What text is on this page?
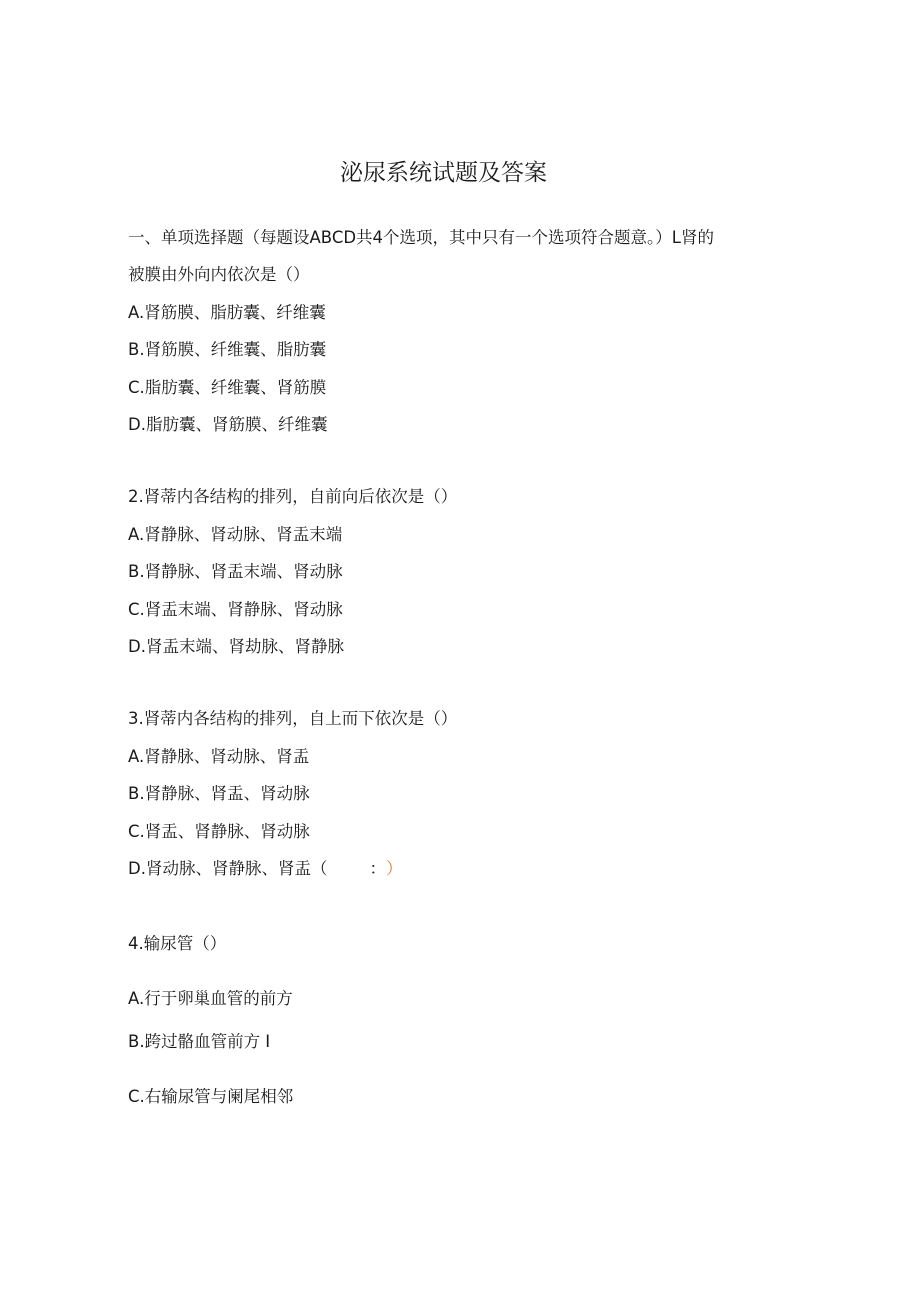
泌尿系统试题及答案
一、单项选择题（每题设ABCD共4个选项，其中只有一个选项符合题意。）L肾的
被膜由外向内依次是（）
A.肾筋膜、脂肪囊、纤维囊
B.肾筋膜、纤维囊、脂肪囊
C.脂肪囊、纤维囊、肾筋膜
D.脂肪囊、肾筋膜、纤维囊
2.肾蒂内各结构的排列，自前向后依次是（）
A.肾静脉、肾动脉、肾盂末端
B.肾静脉、肾盂末端、肾动脉
C.肾盂末端、肾静脉、肾动脉
D.肾盂末端、肾劫脉、肾静脉
3.肾蒂内各结构的排列，自上而下依次是（）
A.肾静脉、肾动脉、肾盂
B.肾静脉、肾盂、肾动脉
C.肾盂、肾静脉、肾动脉
D.肾动脉、肾静脉、肾盂（	：）
4.输尿管（）
A.行于卵巢血管的前方
B.跨过骼血管前方 I
C.右输尿管与阑尾相邻
